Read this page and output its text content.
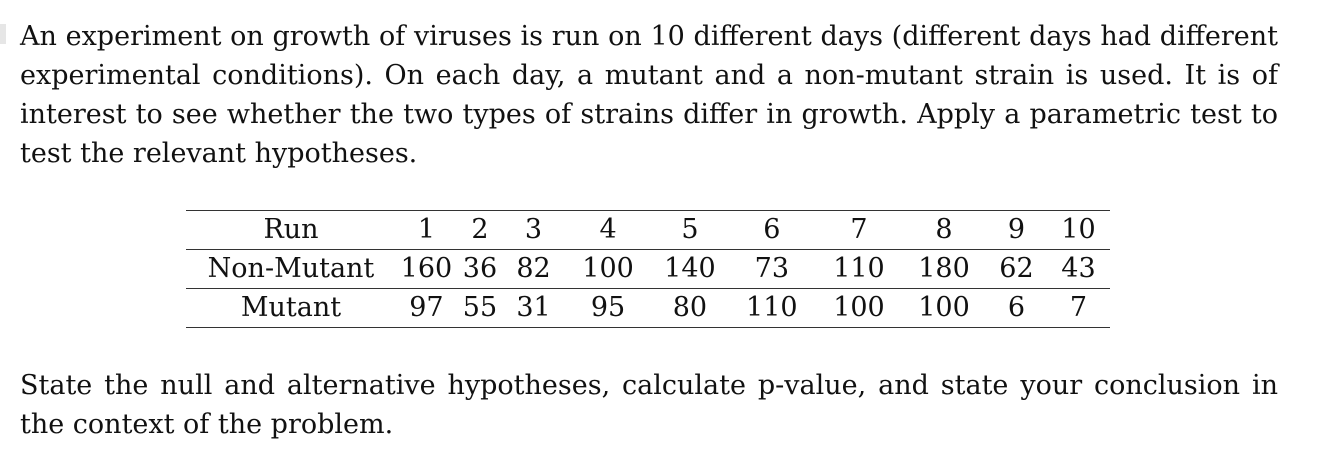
An experiment on growth of viruses is run on 10 different days (different days had different experimental conditions). On each day, a mutant and a non-mutant strain is used. It is of interest to see whether the two types of strains differ in growth. Apply a parametric test to test the relevant hypotheses.

Run	1	2	3	4	5	6	7	8	9	10
Non-Mutant	160	36	82	100	140	73	110	180	62	43
Mutant	97	55	31	95	80	110	100	100	6	7

State the null and alternative hypotheses, calculate p-value, and state your conclusion in the context of the problem.
